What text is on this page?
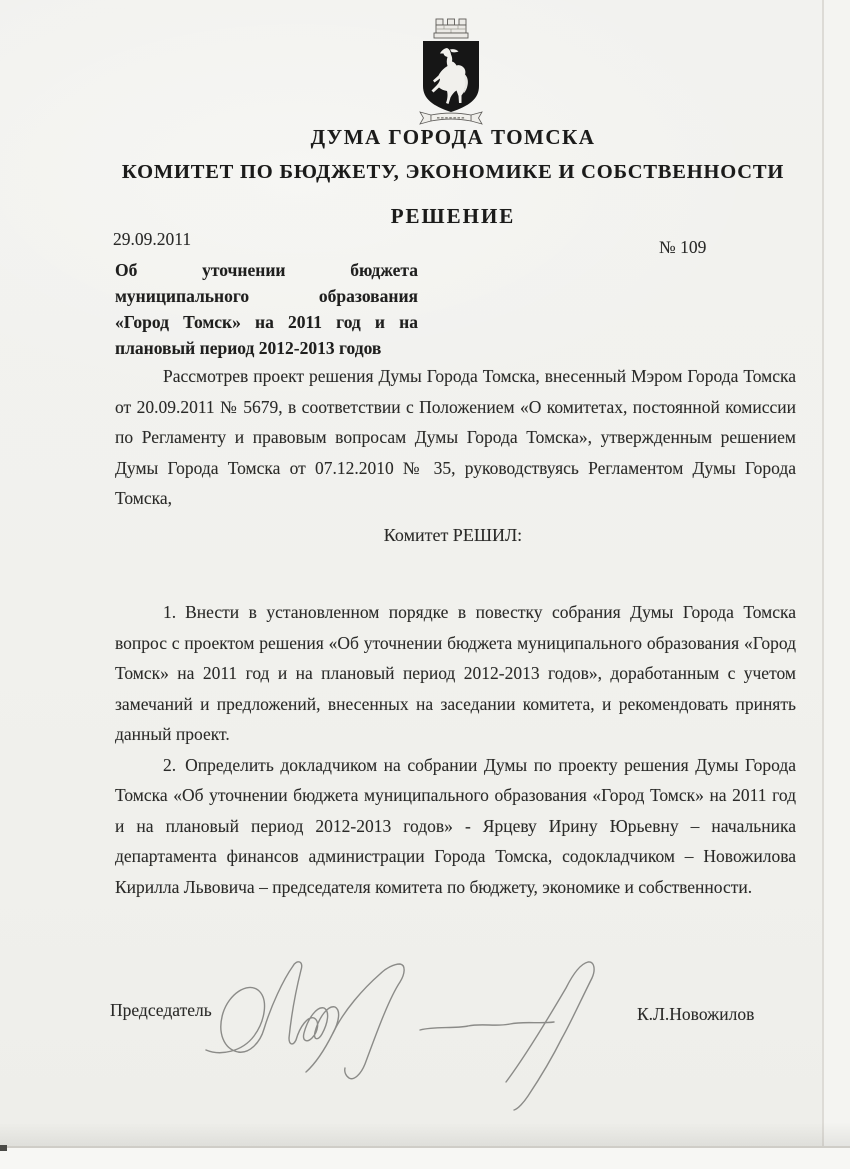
ДУМА ГОРОДА ТОМСКА
КОМИТЕТ ПО БЮДЖЕТУ, ЭКОНОМИКЕ И СОБСТВЕННОСТИ
РЕШЕНИЕ
29.09.2011	№ 109
Об уточнении бюджета
муниципального образования
«Город Томск» на 2011 год и на
плановый период 2012-2013 годов

Рассмотрев проект решения Думы Города Томска, внесенный Мэром Города Томска от 20.09.2011 № 5679, в соответствии с Положением «О комитетах, постоянной комиссии по Регламенту и правовым вопросам Думы Города Томска», утвержденным решением Думы Города Томска от 07.12.2010 № 35, руководствуясь Регламентом Думы Города Томска,

Комитет РЕШИЛ:

1. Внести в установленном порядке в повестку собрания Думы Города Томска вопрос с проектом решения «Об уточнении бюджета муниципального образования «Город Томск» на 2011 год и на плановый период 2012-2013 годов», доработанным с учетом замечаний и предложений, внесенных на заседании комитета, и рекомендовать принять данный проект.

2. Определить докладчиком на собрании Думы по проекту решения Думы Города Томска «Об уточнении бюджета муниципального образования «Город Томск» на 2011 год и на плановый период 2012-2013 годов» - Ярцеву Ирину Юрьевну – начальника департамента финансов администрации Города Томска, содокладчиком – Новожилова Кирилла Львовича – председателя комитета по бюджету, экономике и собственности.

Председатель	К.Л.Новожилов
